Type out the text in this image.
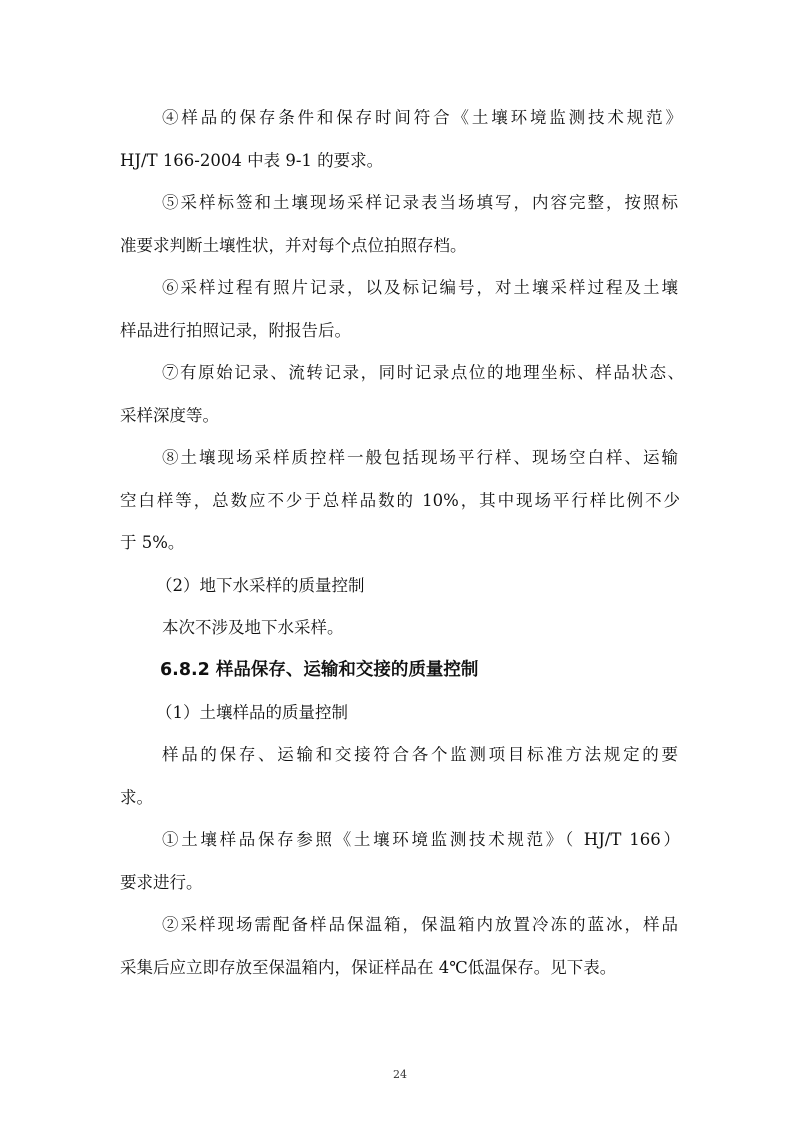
④样品的保存条件和保存时间符合《土壤环境监测技术规范》

HJ/T 166-2004 中表 9-1 的要求。

⑤采样标签和土壤现场采样记录表当场填写，内容完整，按照标

准要求判断土壤性状，并对每个点位拍照存档。

⑥采样过程有照片记录，以及标记编号，对土壤采样过程及土壤

样品进行拍照记录，附报告后。

⑦有原始记录、流转记录，同时记录点位的地理坐标、样品状态、

采样深度等。

⑧土壤现场采样质控样一般包括现场平行样、现场空白样、运输

空白样等，总数应不少于总样品数的 10%，其中现场平行样比例不少

于 5%。

（2）地下水采样的质量控制

本次不涉及地下水采样。

6.8.2 样品保存、运输和交接的质量控制

（1）土壤样品的质量控制

样品的保存、运输和交接符合各个监测项目标准方法规定的要

求。

①土壤样品保存参照《土壤环境监测技术规范》（ HJ/T 166）

要求进行。

②采样现场需配备样品保温箱，保温箱内放置冷冻的蓝冰，样品

采集后应立即存放至保温箱内，保证样品在 4℃低温保存。见下表。

24
